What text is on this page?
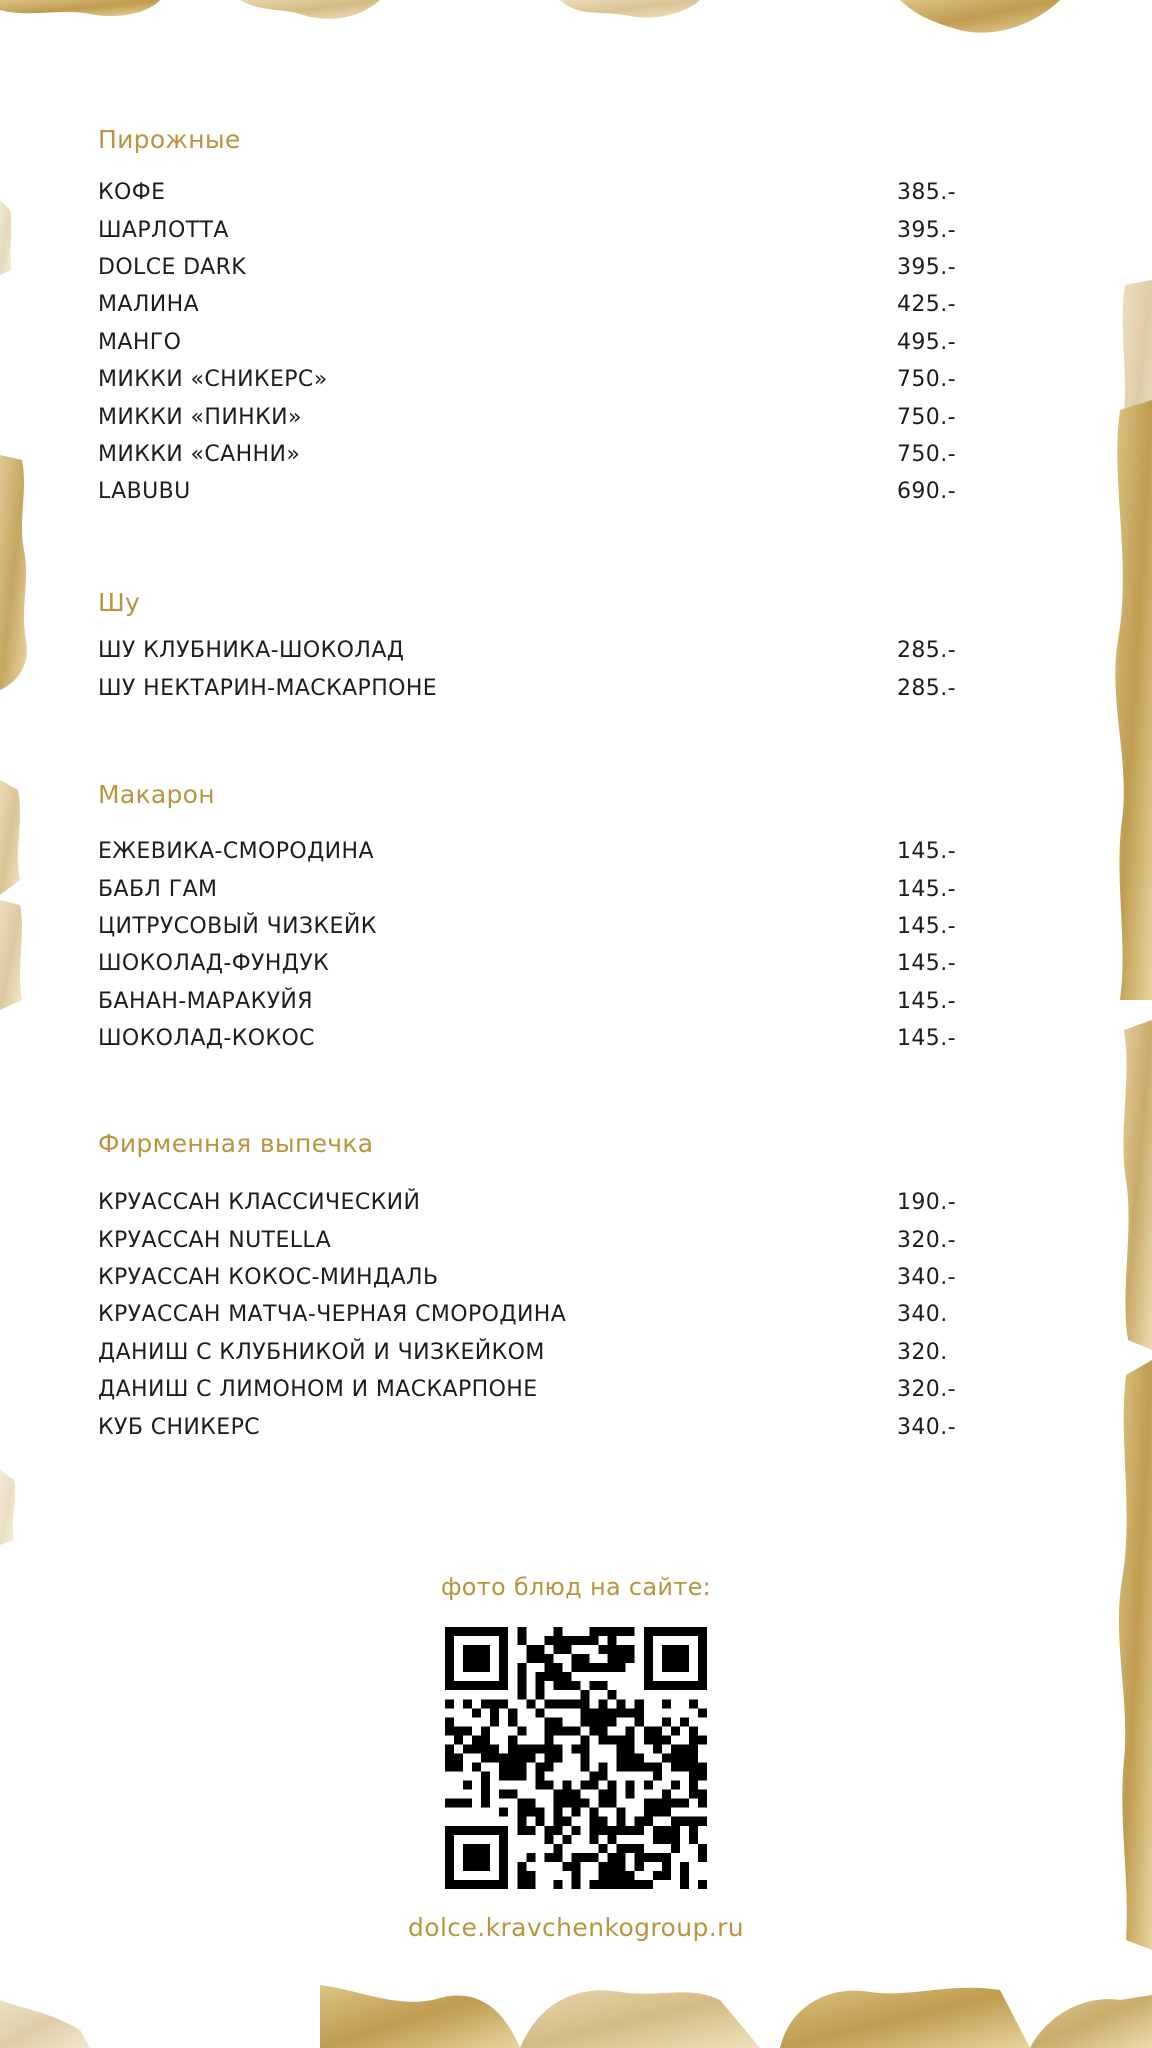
Пирожные
КОФЕ	385.-
ШАРЛОТТА	395.-
DOLCE DARK	395.-
МАЛИНА	425.-
МАНГО	495.-
МИККИ «СНИКЕРС»	750.-
МИККИ «ПИНКИ»	750.-
МИККИ «САННИ»	750.-
LABUBU	690.-
Шу
ШУ КЛУБНИКА-ШОКОЛАД	285.-
ШУ НЕКТАРИН-МАСКАРПОНЕ	285.-
Макарон
ЕЖЕВИКА-СМОРОДИНА	145.-
БАБЛ ГАМ	145.-
ЦИТРУСОВЫЙ ЧИЗКЕЙК	145.-
ШОКОЛАД-ФУНДУК	145.-
БАНАН-МАРАКУЙЯ	145.-
ШОКОЛАД-КОКОС	145.-
Фирменная выпечка
КРУАССАН КЛАССИЧЕСКИЙ	190.-
КРУАССАН NUTELLA	320.-
КРУАССАН КОКОС-МИНДАЛЬ	340.-
КРУАССАН МАТЧА-ЧЕРНАЯ СМОРОДИНА	340.
ДАНИШ С КЛУБНИКОЙ И ЧИЗКЕЙКОМ	320.
ДАНИШ С ЛИМОНОМ И МАСКАРПОНЕ	320.-
КУБ СНИКЕРС	340.-

фото блюд на сайте:

dolce.kravchenkogroup.ru
